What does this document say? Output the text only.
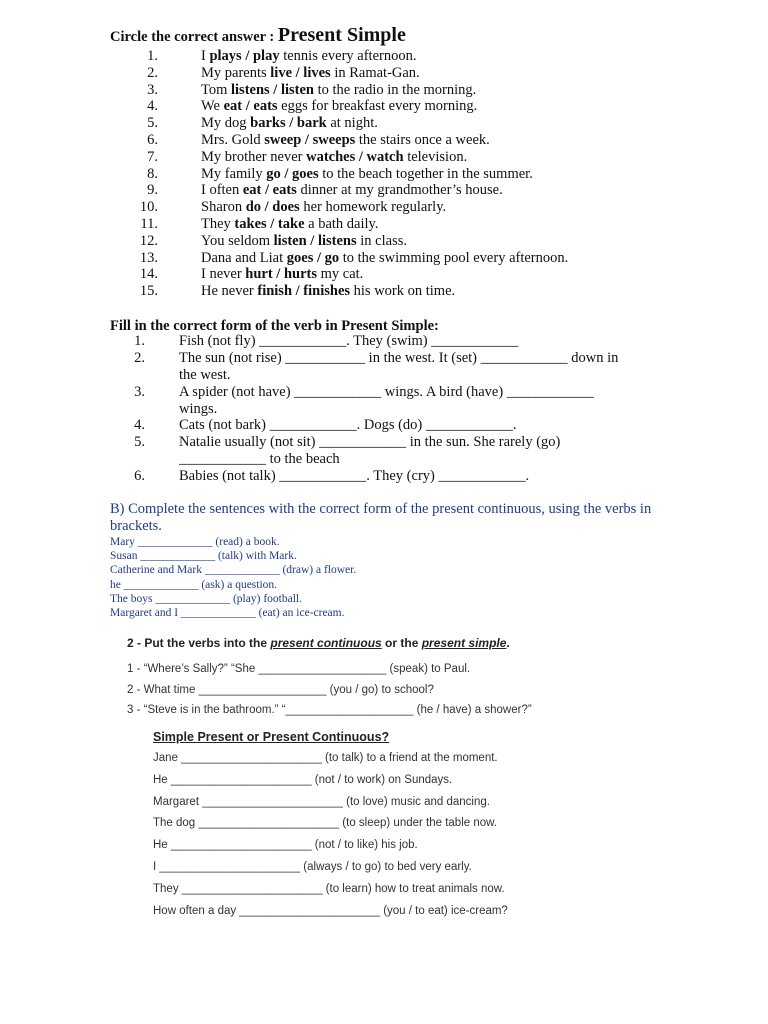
Circle the correct answer : Present Simple
1.	I plays / play tennis every afternoon.
2.	My parents live / lives in Ramat-Gan.
3.	Tom listens / listen to the radio in the morning.
4.	We eat / eats eggs for breakfast every morning.
5.	My dog barks / bark at night.
6.	Mrs. Gold sweep / sweeps the stairs once a week.
7.	My brother never watches / watch television.
8.	My family go / goes to the beach together in the summer.
9.	I often eat / eats dinner at my grandmother’s house.
10.	Sharon do / does her homework regularly.
11.	They takes / take a bath daily.
12.	You seldom listen / listens in class.
13.	Dana and Liat goes / go to the swimming pool every afternoon.
14.	I never hurt / hurts my cat.
15.	He never finish / finishes his work on time.
Fill in the correct form of the verb in Present Simple:
1. Fish (not fly) ____________. They (swim) ____________
2. The sun (not rise) ___________ in the west. It (set) ____________ down in
the west.
3. A spider (not have) ____________ wings. A bird (have) ____________
wings.
4. Cats (not bark) ____________. Dogs (do) ____________.
5. Natalie usually (not sit) ____________ in the sun. She rarely (go)
____________ to the beach
6. Babies (not talk) ____________. They (cry) ____________.
B) Complete the sentences with the correct form of the present continuous, using the verbs in brackets.
Mary _____________ (read) a book.
Susan _____________ (talk) with Mark.
Catherine and Mark _____________ (draw) a flower.
he _____________ (ask) a question.
The boys _____________ (play) football.
Margaret and I _____________ (eat) an ice-cream.
2 - Put the verbs into the present continuous or the present simple.
1 - “Where’s Sally?” “She ____________________ (speak) to Paul.
2 - What time ____________________ (you / go) to school?
3 - “Steve is in the bathroom.” “____________________ (he / have) a shower?”
Simple Present or Present Continuous?
Jane ______________________ (to talk) to a friend at the moment.
He ______________________ (not / to work) on Sundays.
Margaret ______________________ (to love) music and dancing.
The dog ______________________ (to sleep) under the table now.
He ______________________ (not / to like) his job.
I ______________________ (always / to go) to bed very early.
They ______________________ (to learn) how to treat animals now.
How often a day ______________________ (you / to eat) ice-cream?
